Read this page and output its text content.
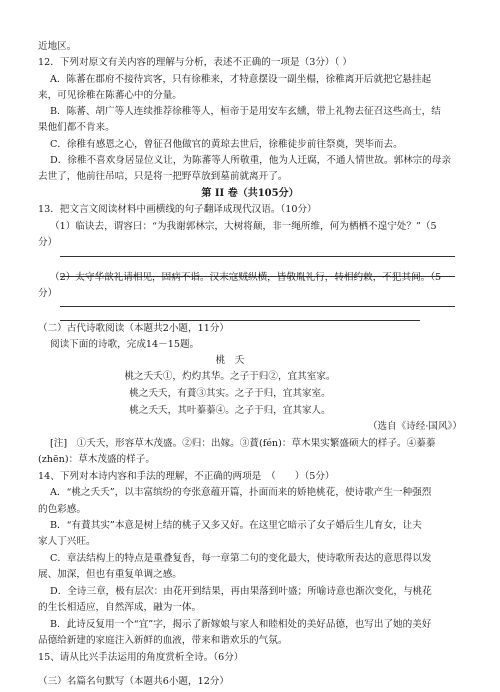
近地区。
12．下列对原文有关内容的理解与分析，表述不正确的一项是（3分）（ ）
A．陈蕃在郡府不接待宾客，只有徐稚来，才特意摆设一副坐榻，徐稚离开后就把它悬挂起
来，可见徐稚在陈蕃心中的分量。
B．陈蕃、胡广等人连续推荐徐稚等人，桓帝于是用安车玄纁，带上礼物去征召这些高士，结
果他们都不肯来。
C．徐稚有感恩之心，曾征召他做官的黄琼去世后，徐稚徒步前往祭奠，哭毕而去。
D．徐稚不喜欢身居显位义让，为陈蕃等人所敬重，他为人迁腐，不通人情世故。郭林宗的母亲
去世了，他前往吊唁，只是将一把野草放到墓前就离开了。
第 II 卷（共105分）
13．把文言文阅读材料中画横线的句子翻译成现代汉语。（10分）
（1）临诀去，谓容曰：“为我谢郭林宗，大树将颠，非一绳所维，何为栖栖不遑宁处？”（5
分）
（2）太守华歆礼请相见，固病不诣。汉末寇贼纵横，皆敬胤礼行，转相约敕，不犯其闾。（5
分）
（二）古代诗歌阅读（本题共2小题，11分）
阅读下面的诗歌，完成14－15题。
桃　夭
桃之夭夭①，灼灼其华。之子于归②，宜其室家。
桃之夭夭，有蕡③其实。之子于归，宜其家室。
桃之夭夭，其叶蓁蓁④。之子于归，宜其家人。
（选自《诗经·国风》）
[注]　①夭夭，形容草木茂盛。②归：出嫁。③蕡(fén)：草木果实繁盛硕大的样子。④蓁蓁
(zhēn)：草木茂盛的样子。
14、下列对本诗内容和手法的理解，不正确的两项是　（　　）（5分）
A．“桃之夭夭”，以丰富缤纷的夸张意蕴开篇，扑面而来的娇艳桃花，使诗歌产生一种强烈
的色彩感。
B．“有蕡其实”本意是树上结的桃子又多又好。在这里它暗示了女子婚后生儿育女，让夫
家人丁兴旺。
C．章法结构上的特点是重叠复沓，每一章第二句的变化最大，使诗歌所表达的意思得以发
展、加深，但也有重复单调之感。
D．全诗三章，极有层次：由花开到结果，再由果落到叶盛；所喻诗意也渐次变化，与桃花
的生长相适应，自然浑成，融为一体。
B．此诗反复用一个“宜”字，揭示了新嫁娘与家人和睦相处的美好品德，也写出了她的美好
品德给新建的家庭注入新鲜的血液，带来和谐欢乐的气氛。
15、请从比兴手法运用的角度赏析全诗。（6分）
（三）名篇名句默写（本题共6小题，12分）
